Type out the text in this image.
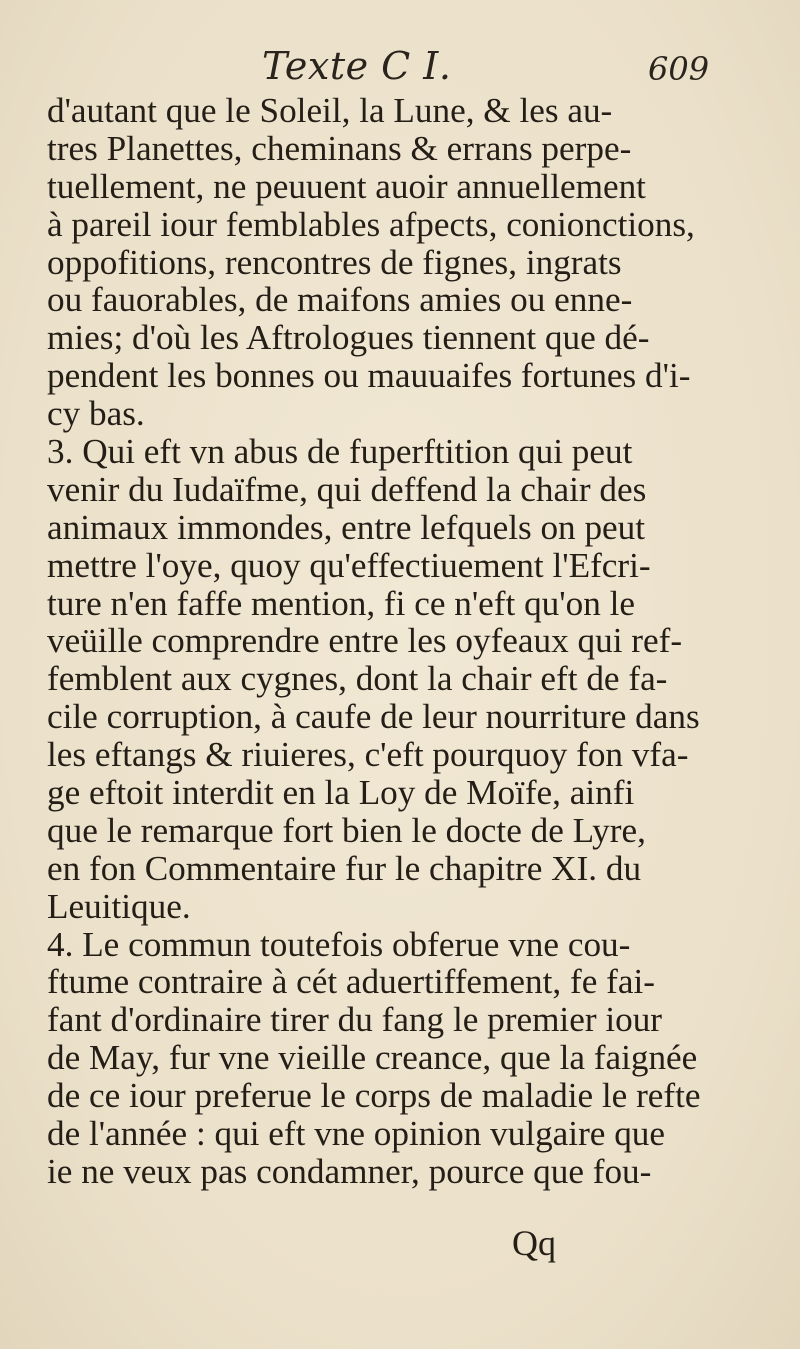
Texte C I.	609
d'autant que le Soleil, la Lune, & les au-
tres Planettes, cheminans & errans perpe-
tuellement, ne peuuent auoir annuellement
à pareil iour femblables afpects, conionctions,
oppofitions, rencontres de fignes, ingrats
ou fauorables, de maifons amies ou enne-
mies; d'où les Aftrologues tiennent que dé-
pendent les bonnes ou mauuaifes fortunes d'i-
cy bas.
3. Qui eft vn abus de fuperftition qui peut
venir du Iudaïfme, qui deffend la chair des
animaux immondes, entre lefquels on peut
mettre l'oye, quoy qu'effectiuement l'Efcri-
ture n'en faffe mention, fi ce n'eft qu'on le
veüille comprendre entre les oyfeaux qui ref-
femblent aux cygnes, dont la chair eft de fa-
cile corruption, à caufe de leur nourriture dans
les eftangs & riuieres, c'eft pourquoy fon vfa-
ge eftoit interdit en la Loy de Moïfe, ainfi
que le remarque fort bien le docte de Lyre,
en fon Commentaire fur le chapitre XI. du
Leuitique.
4. Le commun toutefois obferue vne cou-
ftume contraire à cét aduertiffement, fe fai-
fant d'ordinaire tirer du fang le premier iour
de May, fur vne vieille creance, que la faignée
de ce iour preferue le corps de maladie le refte
de l'année : qui eft vne opinion vulgaire que
ie ne veux pas condamner, pource que fou-
Qq
